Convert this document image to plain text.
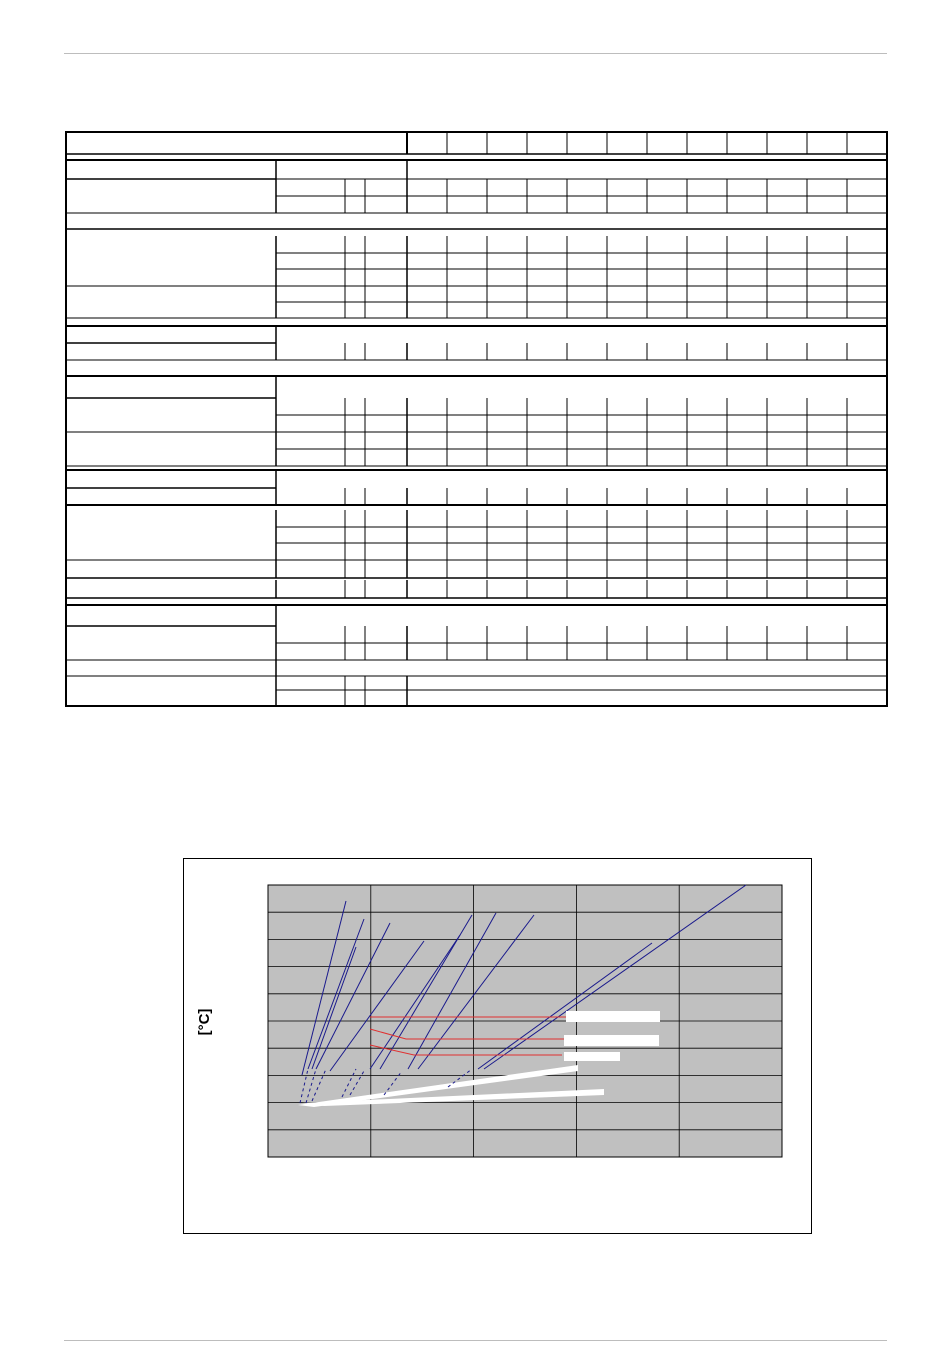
[°C]
